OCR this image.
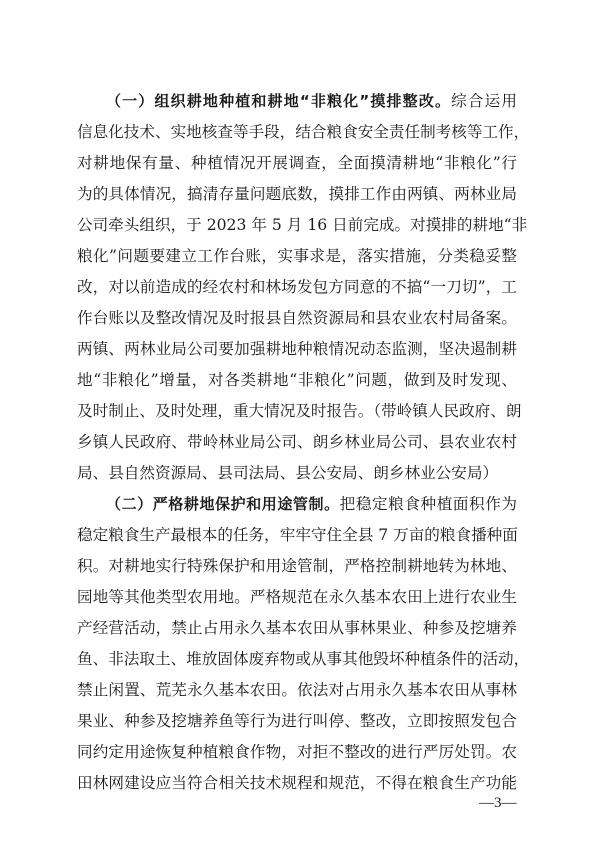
（一）组织耕地种植和耕地“非粮化”摸排整改。综合运用
信息化技术、实地核查等手段，结合粮食安全责任制考核等工作，
对耕地保有量、种植情况开展调查，全面摸清耕地“非粮化”行
为的具体情况，搞清存量问题底数，摸排工作由两镇、两林业局
公司牵头组织，于 2023 年 5 月 16 日前完成。对摸排的耕地“非
粮化”问题要建立工作台账，实事求是，落实措施，分类稳妥整
改，对以前造成的经农村和林场发包方同意的不搞“一刀切”，工
作台账以及整改情况及时报县自然资源局和县农业农村局备案。
两镇、两林业局公司要加强耕地种粮情况动态监测，坚决遏制耕
地“非粮化”增量，对各类耕地“非粮化”问题，做到及时发现、
及时制止、及时处理，重大情况及时报告。（带岭镇人民政府、朗
乡镇人民政府、带岭林业局公司、朗乡林业局公司、县农业农村
局、县自然资源局、县司法局、县公安局、朗乡林业公安局）
（二）严格耕地保护和用途管制。把稳定粮食种植面积作为
稳定粮食生产最根本的任务，牢牢守住全县 7 万亩的粮食播种面
积。对耕地实行特殊保护和用途管制，严格控制耕地转为林地、
园地等其他类型农用地。严格规范在永久基本农田上进行农业生
产经营活动，禁止占用永久基本农田从事林果业、种参及挖塘养
鱼、非法取土、堆放固体废弃物或从事其他毁坏种植条件的活动，
禁止闲置、荒芜永久基本农田。依法对占用永久基本农田从事林
果业、种参及挖塘养鱼等行为进行叫停、整改，立即按照发包合
同约定用途恢复种植粮食作物，对拒不整改的进行严厉处罚。农
田林网建设应当符合相关技术规程和规范，不得在粮食生产功能
—3—
